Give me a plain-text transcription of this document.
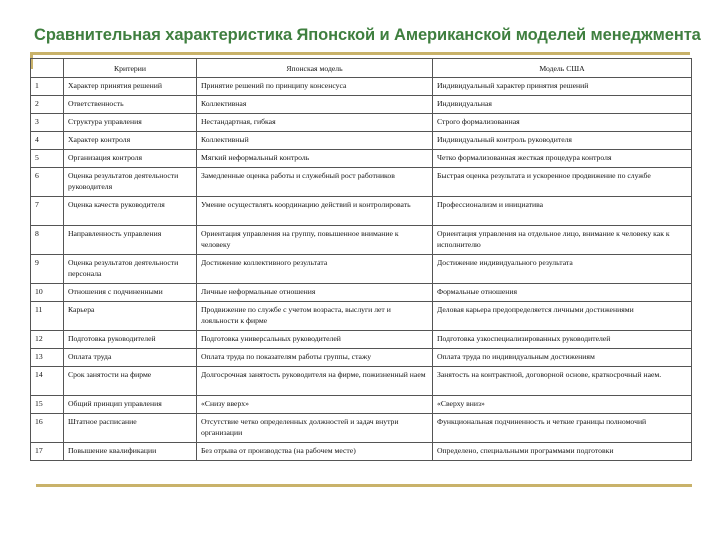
Сравнительная характеристика Японской и Американской моделей менеджмента
	Критерии	Японская модель	Модель США
1	Характер принятия решений	Принятие решений по принципу консенсуса	Индивидуальный характер принятия решений
2	Ответственность	Коллективная	Индивидуальная
3	Структура управления	Нестандартная, гибкая	Строго формализованная
4	Характер контроля	Коллективный	Индивидуальный контроль руководителя
5	Организация контроля	Мягкий неформальный контроль	Четко формализованная жесткая процедура контроля
6	Оценка результатов деятельности руководителя	Замедленные оценка работы и служебный рост работников	Быстрая оценка результата и ускоренное продвижение по службе
7	Оценка качеств руководителя	Умение осуществлять координацию действий и контролировать	Профессионализм и инициатива
8	Направленность управления	Ориентация управления на группу, повышенное внимание к человеку	Ориентация управления на отдельное лицо, внимание к человеку как к исполнителю
9	Оценка результатов деятельности персонала	Достижение коллективного результата	Достижение индивидуального результата
10	Отношения с подчиненными	Личные неформальные отношения	Формальные отношения
11	Карьера	Продвижение по службе с учетом возраста, выслуги лет и лояльности к фирме	Деловая карьера предопределяется личными достижениями
12	Подготовка руководителей	Подготовка универсальных руководителей	Подготовка узкоспециализированных руководителей
13	Оплата труда	Оплата труда по показателям работы группы, стажу	Оплата труда по индивидуальным достижениям
14	Срок занятости на фирме	Долгосрочная занятость руководителя на фирме, пожизненный наем	Занятость на контрактной, договорной основе, краткосрочный наем.
15	Общий принцип управления	«Снизу вверх»	«Сверху вниз»
16	Штатное расписание	Отсутствие четко определенных должностей и задач внутри организации	Функциональная подчиненность и четкие границы полномочий
17	Повышение квалификации	Без отрыва от производства (на рабочем месте)	Определено, специальными программами подготовки
